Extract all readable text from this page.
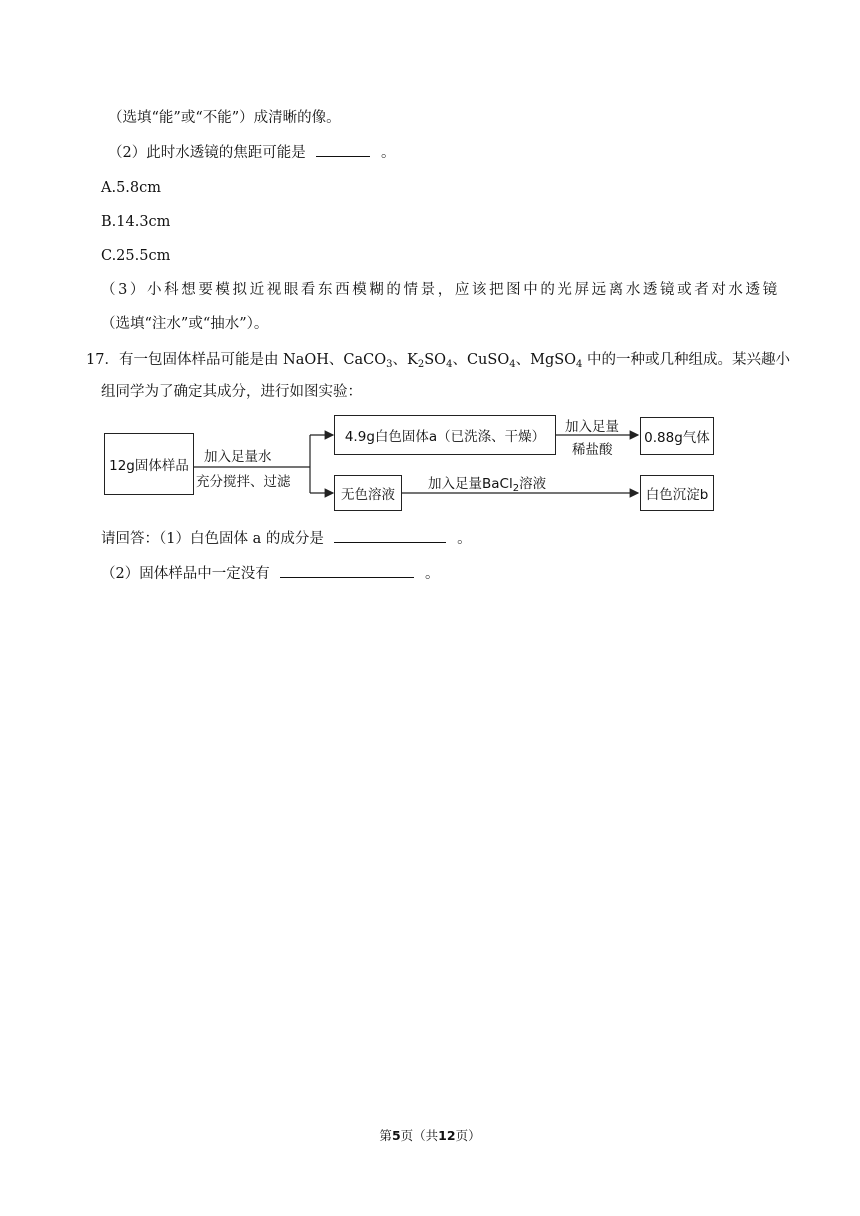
（选填“能”或“不能”）成清晰的像。
（2）此时水透镜的焦距可能是	。
A.5.8cm
B.14.3cm
C.25.5cm
（3）小科想要模拟近视眼看东西模糊的情景，应该把图中的光屏远离水透镜或者对水透镜
（选填“注水”或“抽水”）。
17．有一包固体样品可能是由 NaOH、CaCO$_3$、$K_2SO_4$、CuSO$_4$、MgSO$_4$ 中的一种或几种组成。某兴趣小
组同学为了确定其成分，进行如图实验：
12g固体样品
加入足量水
充分搅拌、过滤
4.9g白色固体a（已洗涤、干燥）
加入足量
稀盐酸
0.88g气体
无色溶液
加入足量BaCl$_2$溶液
白色沉淀b
请回答：（1）白色固体 a 的成分是	。
（2）固体样品中一定没有	。
第5页（共12页）
